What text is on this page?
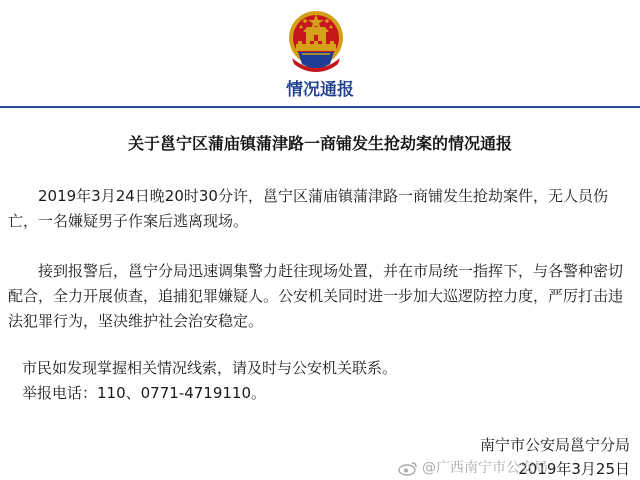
情况通报
关于邕宁区蒲庙镇蒲津路一商铺发生抢劫案的情况通报

2019年3月24日晚20时30分许，邕宁区蒲庙镇蒲津路一商铺发生抢劫案件，无人员伤亡，一名嫌疑男子作案后逃离现场。

接到报警后，邕宁分局迅速调集警力赶往现场处置，并在市局统一指挥下，与各警种密切配合，全力开展侦查，追捕犯罪嫌疑人。公安机关同时进一步加大巡逻防控力度，严厉打击违法犯罪行为，坚决维护社会治安稳定。

市民如发现掌握相关情况线索，请及时与公安机关联系。

举报电话：110、0771-4719110。

南宁市公安局邕宁分局
2019年3月25日
@广西南宁市公安局
